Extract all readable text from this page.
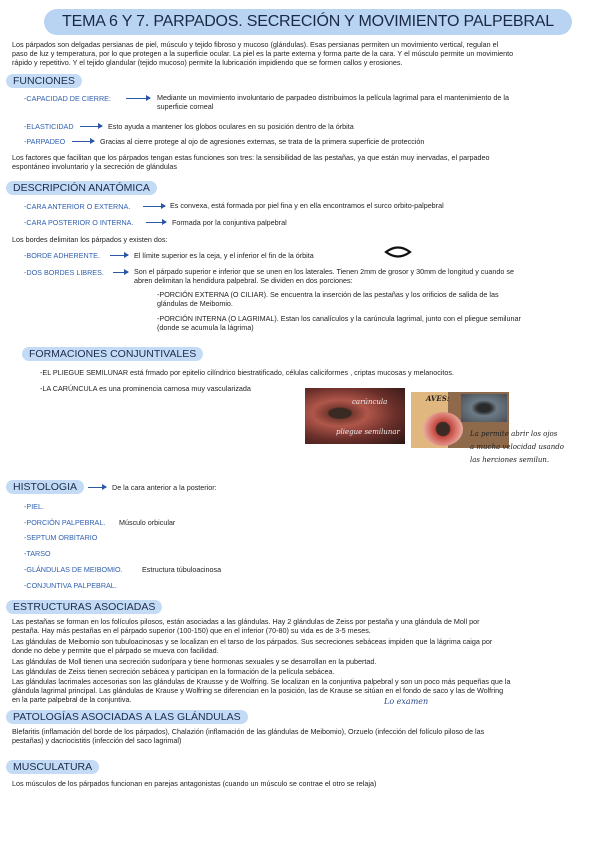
TEMA 6 Y 7. PARPADOS. SECRECIÓN Y MOVIMIENTO PALPEBRAL
Los párpados son delgadas persianas de piel, músculo y tejido fibroso y mucoso (glándulas). Esas persianas permiten un movimiento vertical, regulan el
paso de luz y temperatura, por lo que protegen a la superficie ocular. La piel es la parte externa y forma parte de la cara. Y el músculo permite un movimiento
rápido y repetitivo. Y el tejido glandular (tejido mucoso) permite la lubricación impidiendo que se formen callos y erosiones.
FUNCIONES
-CAPACIDAD DE CIERRE:	Mediante un movimiento involuntario de parpadeo distribuimos la película lagrimal para el mantenimiento de la
superficie corneal
-ELASTICIDAD	Esto ayuda a mantener los globos oculares en su posición dentro de la órbita
-PARPADEO	Gracias al cierre protege al ojo de agresiones externas, se trata de la primera superficie de protección
Los factores que facilitan que los párpados tengan estas funciones son tres: la sensibilidad de las pestañas, ya que están muy inervadas, el parpadeo
espontáneo involuntario y la secreción de glándulas
DESCRIPCIÓN ANATÓMICA
-CARA ANTERIOR O EXTERNA.	Es convexa, está formada por piel fina y en ella encontramos el surco orbito-palpebral
-CARA POSTERIOR O INTERNA.	Formada por la conjuntiva palpebral
Los bordes delimitan los párpados y existen dos:
-BORDE ADHERENTE.	El límite superior es la ceja, y el inferior el fin de la órbita
-DOS BORDES LIBRES.	Son el párpado superior e inferior que se unen en los laterales. Tienen 2mm de grosor y 30mm de longitud y cuando se
abren delimitan la hendidura palpebral. Se dividen en dos porciones:
-PORCIÓN EXTERNA (O CILIAR). Se encuentra la inserción de las pestañas y los orificios de salida de las
glándulas de Meibomio.
-PORCIÓN INTERNA (O LAGRIMAL). Estan los canalículos y la carúncula lagrimal, junto con el pliegue semilunar
(donde se acumula la lágrima)
FORMACIONES CONJUNTIVALES
-EL PLIEGUE SEMILUNAR está frmado por epitelio cilíndrico biestratificado, células caliciformes , criptas mucosas y melanocitos.
-LA CARÚNCULA es una prominencia carnosa muy vascularizada
carúncula
pliegue semilunar
AVES:
La permite abrir los ojos
a mucha velocidad usando
las herciones semilun.
HISTOLOGIA	De la cara anterior a la posterior:
-PIEL.
-PORCIÓN PALPEBRAL. Músculo orbicular
-SEPTUM ORBITARIO
-TARSO
-GLÁNDULAS DE MEIBOMIO.	Estructura túbuloacinosa
-CONJUNTIVA PALPEBRAL.
ESTRUCTURAS ASOCIADAS
Las pestañas se forman en los folículos pilosos, están asociadas a las glándulas. Hay 2 glándulas de Zeiss por pestaña y una glándula de Moll por
pestaña. Hay más pestañas en el párpado superior (100-150) que en el inferior (70-80) su vida es de 3-5 meses.
Las glándulas de Meibomio son tubuloacinosas y se localizan en el tarso de los párpados. Sus secreciones sebáceas impiden que la lágrima caiga por
donde no debe y permite que el párpado se mueva con facilidad.
Las glándulas de Moll tienen una secreción sudorípara y tiene hormonas sexuales y se desarrollan en la pubertad.
Las glándulas de Zeiss tienen secreción sebácea y participan en la formación de la película sebácea.
Las glándulas lacrimales accesorias son las glándulas de Krausse y de Wolfring. Se localizan en la conjuntiva palpebral y son un poco más pequeñas que la
glándula lagrimal principal. Las glándulas de Krause y Wolfring se diferencian en la posición, las de Krause se sitúan en el fondo de saco y las de Wolfring
en la parte palpebral de la conjuntiva.	Lo examen
PATOLOGÍAS ASOCIADAS A LAS GLÁNDULAS
Blefaritis (inflamación del borde de los párpados), Chalazión (inflamación de las glándulas de Meibomio), Orzuelo (infección del folículo piloso de las
pestañas) y dacriocistitis (infección del saco lagrimal)
MUSCULATURA
Los músculos de los párpados funcionan en parejas antagonistas (cuando un músculo se contrae el otro se relaja)
